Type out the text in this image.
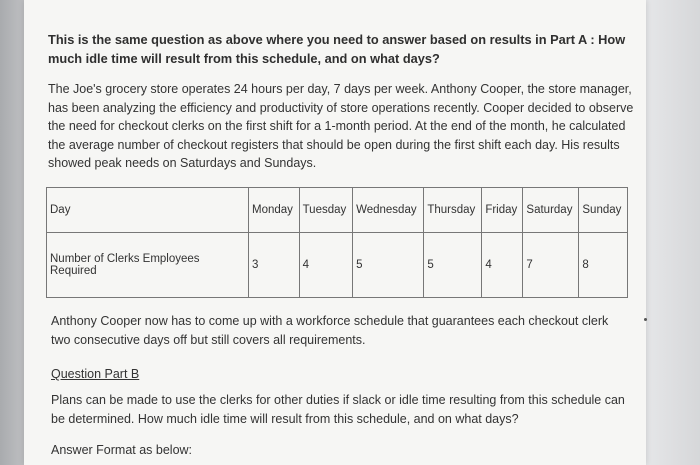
This is the same question as above where you need to answer based on results in Part A : How much idle time will result from this schedule, and on what days?
The Joe's grocery store operates 24 hours per day, 7 days per week. Anthony Cooper, the store manager, has been analyzing the efficiency and productivity of store operations recently. Cooper decided to observe the need for checkout clerks on the first shift for a 1-month period. At the end of the month, he calculated the average number of checkout registers that should be open during the first shift each day. His results showed peak needs on Saturdays and Sundays.
Day	Monday	Tuesday	Wednesday	Thursday	Friday	Saturday	Sunday
Number of Clerks Employees Required	3	4	5	5	4	7	8
Anthony Cooper now has to come up with a workforce schedule that guarantees each checkout clerk two consecutive days off but still covers all requirements.
Question Part B
Plans can be made to use the clerks for other duties if slack or idle time resulting from this schedule can be determined. How much idle time will result from this schedule, and on what days?
Answer Format as below:
